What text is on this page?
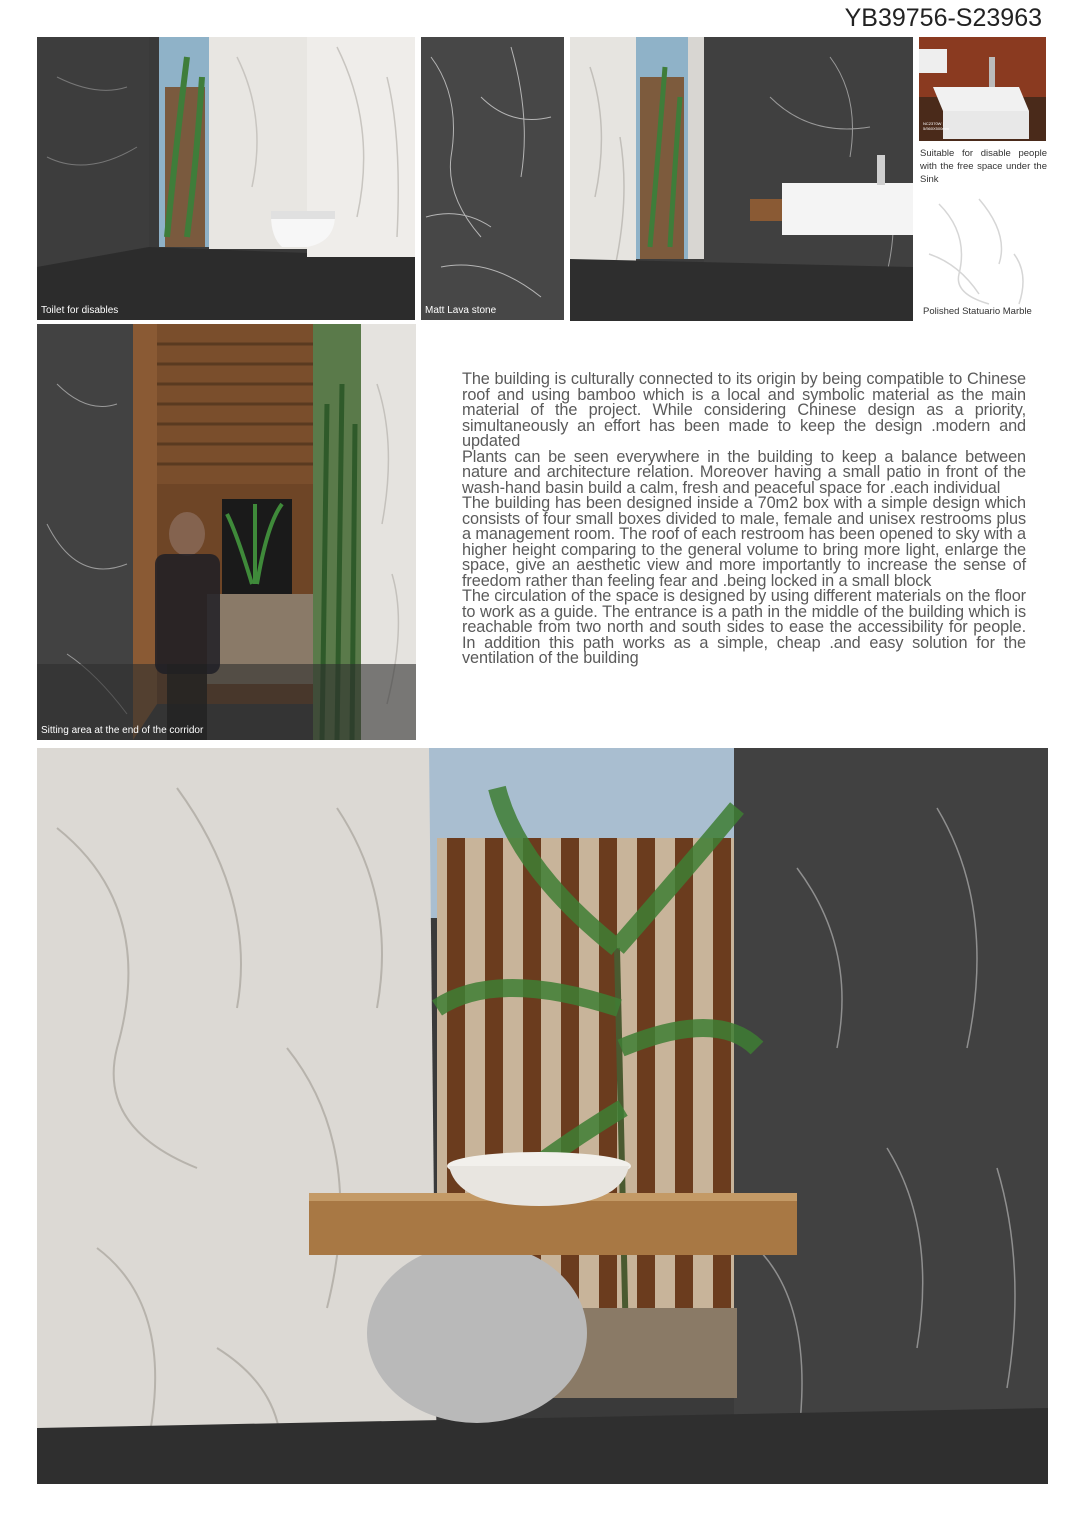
YB39756-S23963
Toilet for disables	Matt Lava stone
NC2370W | 5/560X500mm
Suitable for disable people with the free space under the Sink
Polished Statuario Marble
Sitting area at the end of the corridor

The building is culturally connected to its origin by being compatible to Chinese roof and using bamboo which is a local and symbolic material as the main material of the project. While considering Chinese design as a priority, simultaneously an effort has been made to keep the design .modern and updated

Plants can be seen everywhere in the building to keep a balance between nature and architecture relation. Moreover having a small patio in front of the wash-hand basin build a calm, fresh and peaceful space for .each individual

The building has been designed inside a 70m2 box with a simple design which consists of four small boxes divided to male, female and unisex restrooms plus a management room. The roof of each restroom has been opened to sky with a higher height comparing to the general volume to bring more light, enlarge the space, give an aesthetic view and more importantly to increase the sense of freedom rather than feeling fear and .being locked in a small block

The circulation of the space is designed by using different materials on the floor to work as a guide. The entrance is a path in the middle of the building which is reachable from two north and south sides to ease the accessibility for people. In addition this path works as a simple, cheap .and easy solution for the ventilation of the building
